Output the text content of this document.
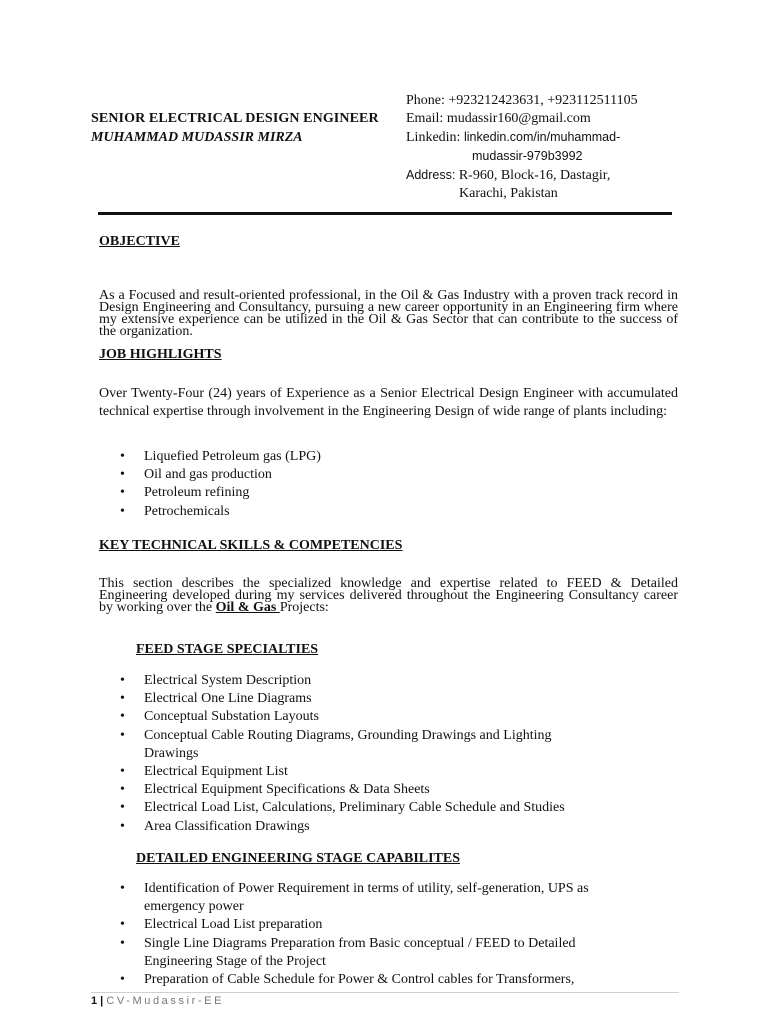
SENIOR ELECTRICAL DESIGN ENGINEER
MUHAMMAD MUDASSIR MIRZA
Phone: +923212423631, +923112511105
Email: mudassir160@gmail.com
Linkedin: linkedin.com/in/muhammad-
mudassir-979b3992
Address: R-960, Block-16, Dastagir,
Karachi, Pakistan
OBJECTIVE
As a Focused and result-oriented professional, in the Oil & Gas Industry with a proven track record in Design Engineering and Consultancy, pursuing a new career opportunity in an Engineering firm where my extensive experience can be utilized in the Oil & Gas Sector that can contribute to the success of the organization.
JOB HIGHLIGHTS
Over Twenty-Four (24) years of Experience as a Senior Electrical Design Engineer with accumulated technical expertise through involvement in the Engineering Design of wide range of plants including:
• Liquefied Petroleum gas (LPG)
• Oil and gas production
• Petroleum refining
• Petrochemicals
KEY TECHNICAL SKILLS & COMPETENCIES
This section describes the specialized knowledge and expertise related to FEED & Detailed Engineering developed during my services delivered throughout the Engineering Consultancy career by working over the Oil & Gas Projects:
FEED STAGE SPECIALTIES
• Electrical System Description
• Electrical One Line Diagrams
• Conceptual Substation Layouts
• Conceptual Cable Routing Diagrams, Grounding Drawings and Lighting Drawings
• Electrical Equipment List
• Electrical Equipment Specifications & Data Sheets
• Electrical Load List, Calculations, Preliminary Cable Schedule and Studies
• Area Classification Drawings
DETAILED ENGINEERING STAGE CAPABILITES
• Identification of Power Requirement in terms of utility, self-generation, UPS as emergency power
• Electrical Load List preparation
• Single Line Diagrams Preparation from Basic conceptual / FEED to Detailed Engineering Stage of the Project
• Preparation of Cable Schedule for Power & Control cables for Transformers,
1 | CV-Mudassir-EE
